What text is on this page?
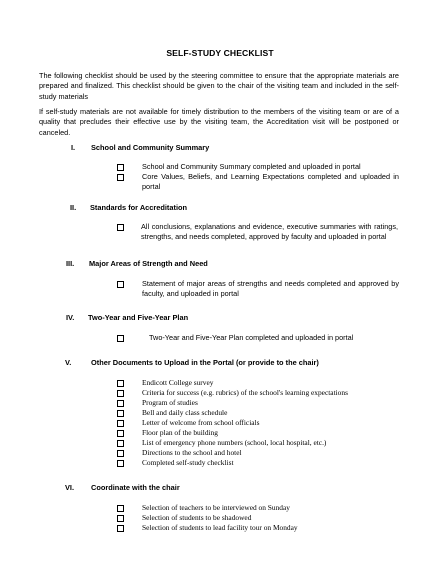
SELF-STUDY CHECKLIST
The following checklist should be used by the steering committee to ensure that the appropriate materials are prepared and finalized. This checklist should be given to the chair of the visiting team and included in the self-study materials
If self-study materials are not available for timely distribution to the members of the visiting team or are of a quality that precludes their effective use by the visiting team, the Accreditation visit will be postponed or canceled.
I. School and Community Summary
School and Community Summary completed and uploaded in portal
Core Values, Beliefs, and Learning Expectations completed and uploaded in portal
II. Standards for Accreditation
All conclusions, explanations and evidence, executive summaries with ratings, strengths, and needs completed, approved by faculty and uploaded in portal
III. Major Areas of Strength and Need
Statement of major areas of strengths and needs completed and approved by faculty, and uploaded in portal
IV. Two-Year and Five-Year Plan
Two-Year and Five-Year Plan completed and uploaded in portal
V.	Other Documents to Upload in the Portal (or provide to the chair)
Endicott College survey
Criteria for success (e.g. rubrics) of the school's learning expectations
Program of studies
Bell and daily class schedule
Letter of welcome from school officials
Floor plan of the building
List of emergency phone numbers (school, local hospital, etc.)
Directions to the school and hotel
Completed self-study checklist
VI. Coordinate with the chair
Selection of teachers to be interviewed on Sunday
Selection of students to be shadowed
Selection of students to lead facility tour on Monday
